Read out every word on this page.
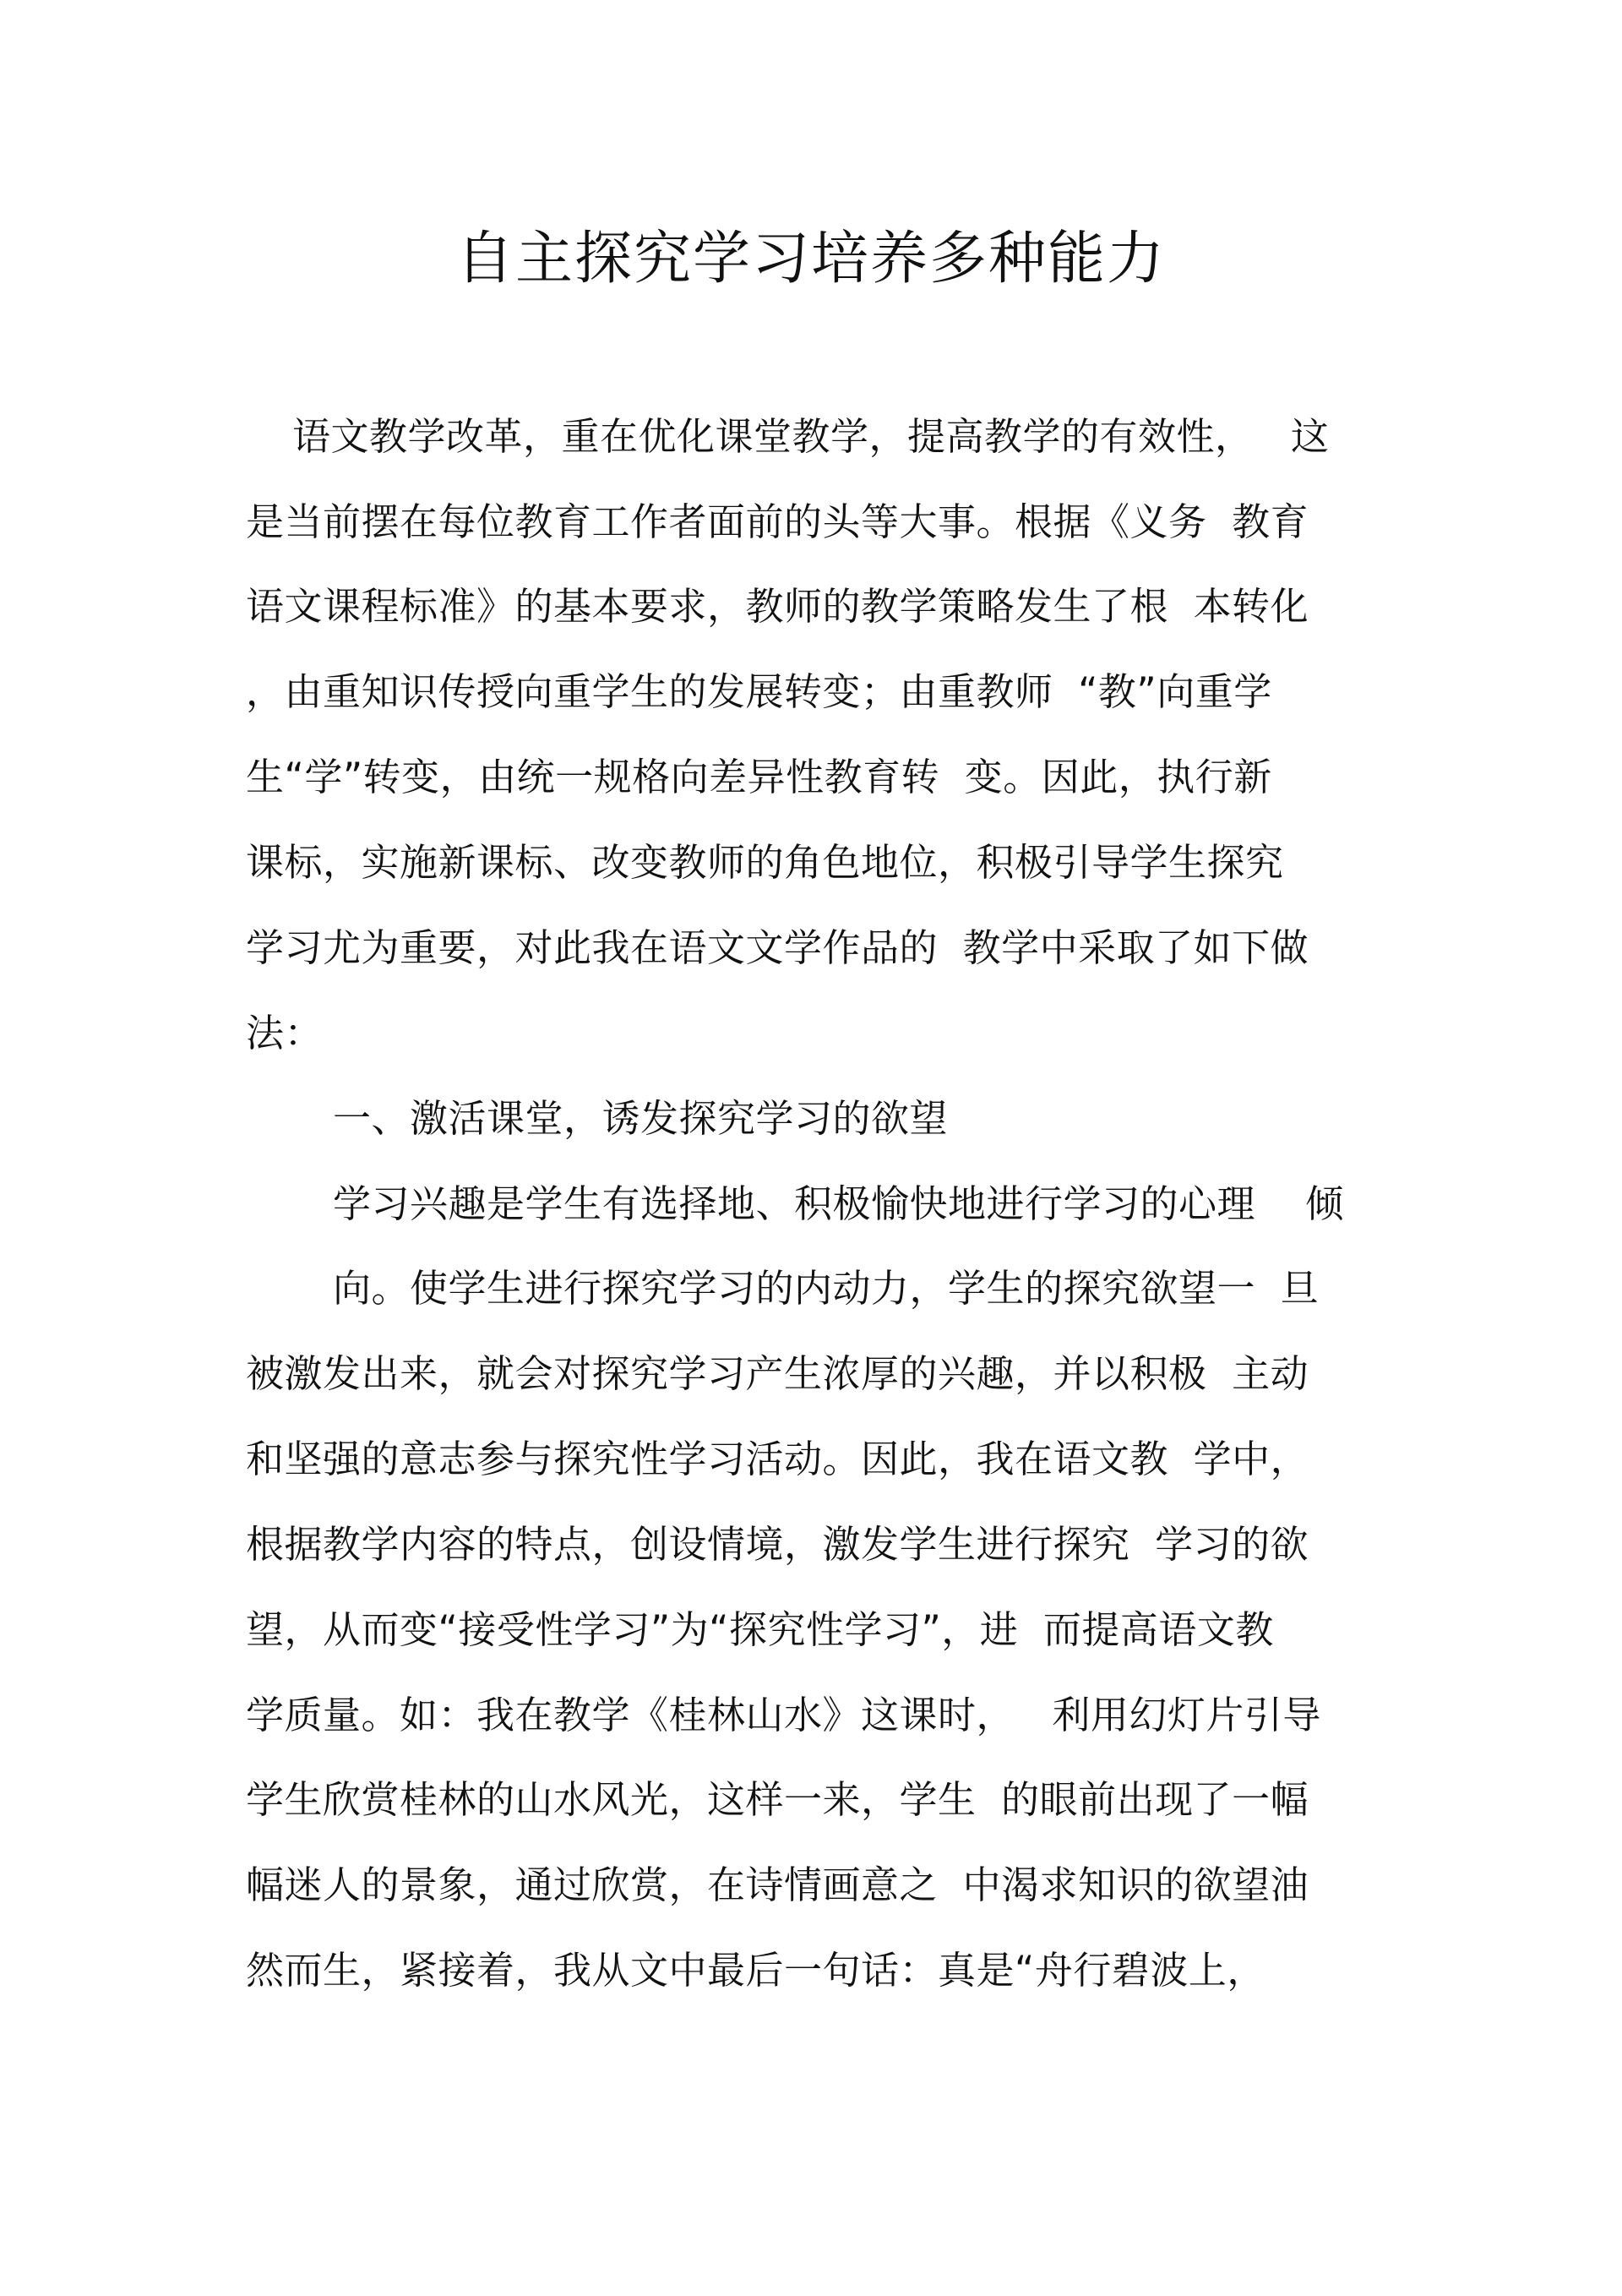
自主探究学习培养多种能力
语文教学改革，重在优化课堂教学，提高教学的有效性，   这
是当前摆在每位教育工作者面前的头等大事。根据《义务  教育
语文课程标准》的基本要求，教师的教学策略发生了根  本转化
，由重知识传授向重学生的发展转变；由重教师  “教”向重学
生“学”转变，由统一规格向差异性教育转  变。因此，执行新
课标，实施新课标、改变教师的角色地位，积极引导学生探究
学习尤为重要，对此我在语文文学作品的  教学中采取了如下做
法：
一、激活课堂，诱发探究学习的欲望
学习兴趣是学生有选择地、积极愉快地进行学习的心理    倾
向。使学生进行探究学习的内动力，学生的探究欲望一  旦
被激发出来，就会对探究学习产生浓厚的兴趣，并以积极  主动
和坚强的意志参与探究性学习活动。因此，我在语文教  学中，
根据教学内容的特点，创设情境，激发学生进行探究  学习的欲
望，从而变“接受性学习”为“探究性学习”，进  而提高语文教
学质量。如：我在教学《桂林山水》这课时，   利用幻灯片引导
学生欣赏桂林的山水风光，这样一来，学生  的眼前出现了一幅
幅迷人的景象，通过欣赏，在诗情画意之  中渴求知识的欲望油
然而生，紧接着，我从文中最后一句话：真是“舟行碧波上，
